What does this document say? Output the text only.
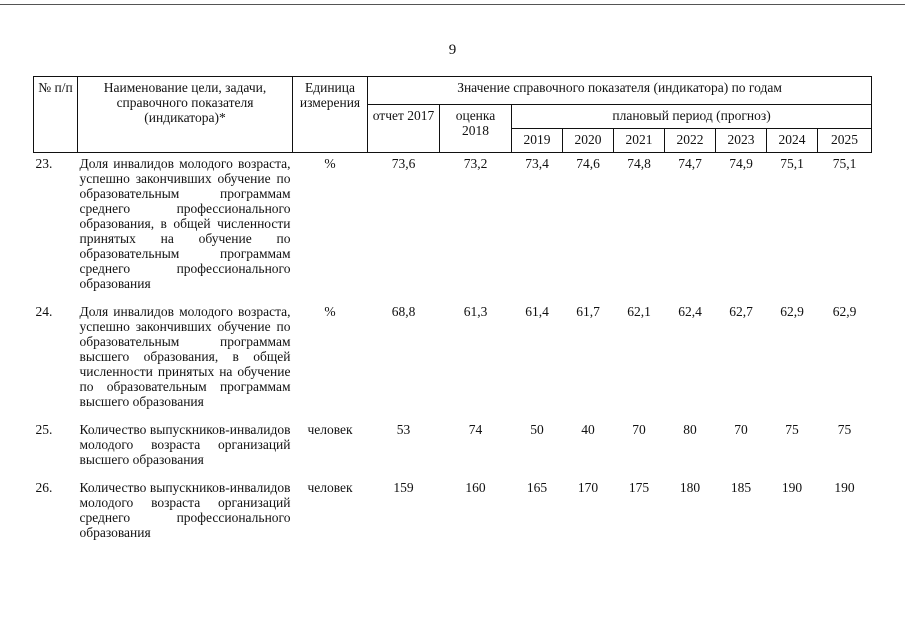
9
№ п/п	Наименование цели, задачи, справочного показателя (индикатора)*	Единица измерения	Значение справочного показателя (индикатора) по годам								
			отчет 2017	оценка 2018	плановый период (прогноз)						
					2019	2020	2021	2022	2023	2024	2025
23.	Доля инвалидов молодого возраста, успешно закончивших обучение по образовательным программам среднего профессионального образования, в общей численности принятых на обучение по образовательным программам среднего профессионального образования	%	73,6	73,2	73,4	74,6	74,8	74,7	74,9	75,1	75,1

24.	Доля инвалидов молодого возраста, успешно закончивших обучение по образовательным программам высшего образования, в общей численности принятых на обучение по образовательным программам высшего образования	%	68,8	61,3	61,4	61,7	62,1	62,4	62,7	62,9	62,9

25.	Количество выпускников-инвалидов молодого возраста организаций высшего образования	человек	53	74	50	40	70	80	70	75	75

26.	Количество выпускников-инвалидов молодого возраста организаций среднего профессионального образования	человек	159	160	165	170	175	180	185	190	190
